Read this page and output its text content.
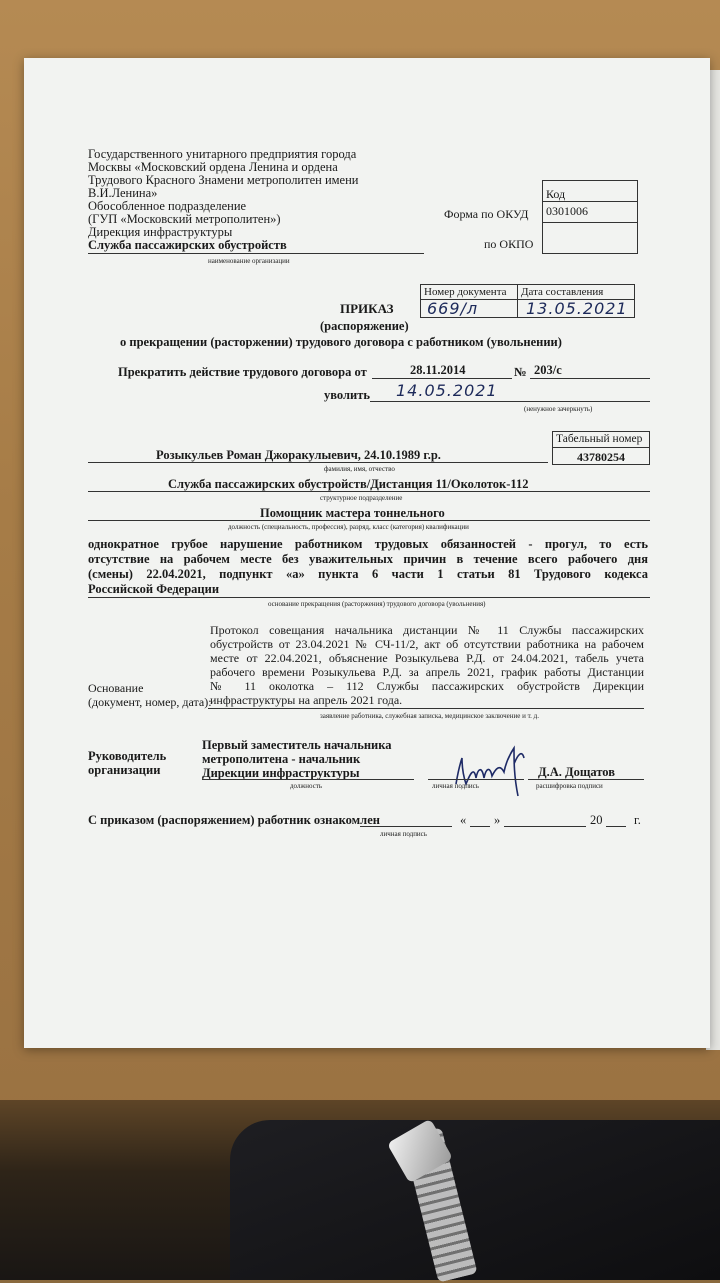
Государственного унитарного предприятия города
Москвы «Московский ордена Ленина и ордена
Трудового Красного Знамени метрополитен имени
В.И.Ленина»
Обособленное подразделение
(ГУП «Московский метрополитен»)
Дирекция инфраструктуры
Служба пассажирских обустройств
наименование организации
Код
0301006
Форма по ОКУД
по ОКПО
Номер документа	Дата составления
669/л	13.05.2021
ПРИКАЗ
(распоряжение)
о прекращении (расторжении) трудового договора с работником (увольнении)
Прекратить действие трудового договора от	28.11.2014	№ 203/с
уволить 14.05.2021
(ненужное зачеркнуть)
Табельный номер
43780254
Розыкульев Роман Джоракулыевич, 24.10.1989 г.р.
фамилия, имя, отчество
Служба пассажирских обустройств/Дистанция 11/Околоток-112
структурное подразделение
Помощник мастера тоннельного
должность (специальность, профессия), разряд, класс (категория) квалификации
однократное грубое нарушение работником трудовых обязанностей - прогул, то есть
отсутствие на рабочем месте без уважительных причин в течение всего рабочего дня
(смены) 22.04.2021, подпункт «а» пункта 6 части 1 статьи 81 Трудового кодекса
Российской Федерации
основание прекращения (расторжения) трудового договора (увольнения)
Протокол совещания начальника дистанции № 11 Службы пассажирских
обустройств от 23.04.2021 № СЧ-11/2, акт об отсутствии работника на рабочем
месте от 22.04.2021, объяснение Розыкульева Р.Д. от 24.04.2021, табель учета
рабочего времени Розыкульева Р.Д. за апрель 2021, график работы Дистанции
№ 11 околотка – 112 Службы пассажирских обустройств Дирекции
инфраструктуры на апрель 2021 года.
Основание
(документ, номер, дата):
заявление работника, служебная записка, медицинское заключение и т. д.
Руководитель
организации
Первый заместитель начальника
метрополитена - начальник
Дирекции инфраструктуры
должность	личная подпись
Д.А. Дощатов
расшифровка подписи
С приказом (распоряжением) работник ознакомлен
личная подпись
« »	20	г.
